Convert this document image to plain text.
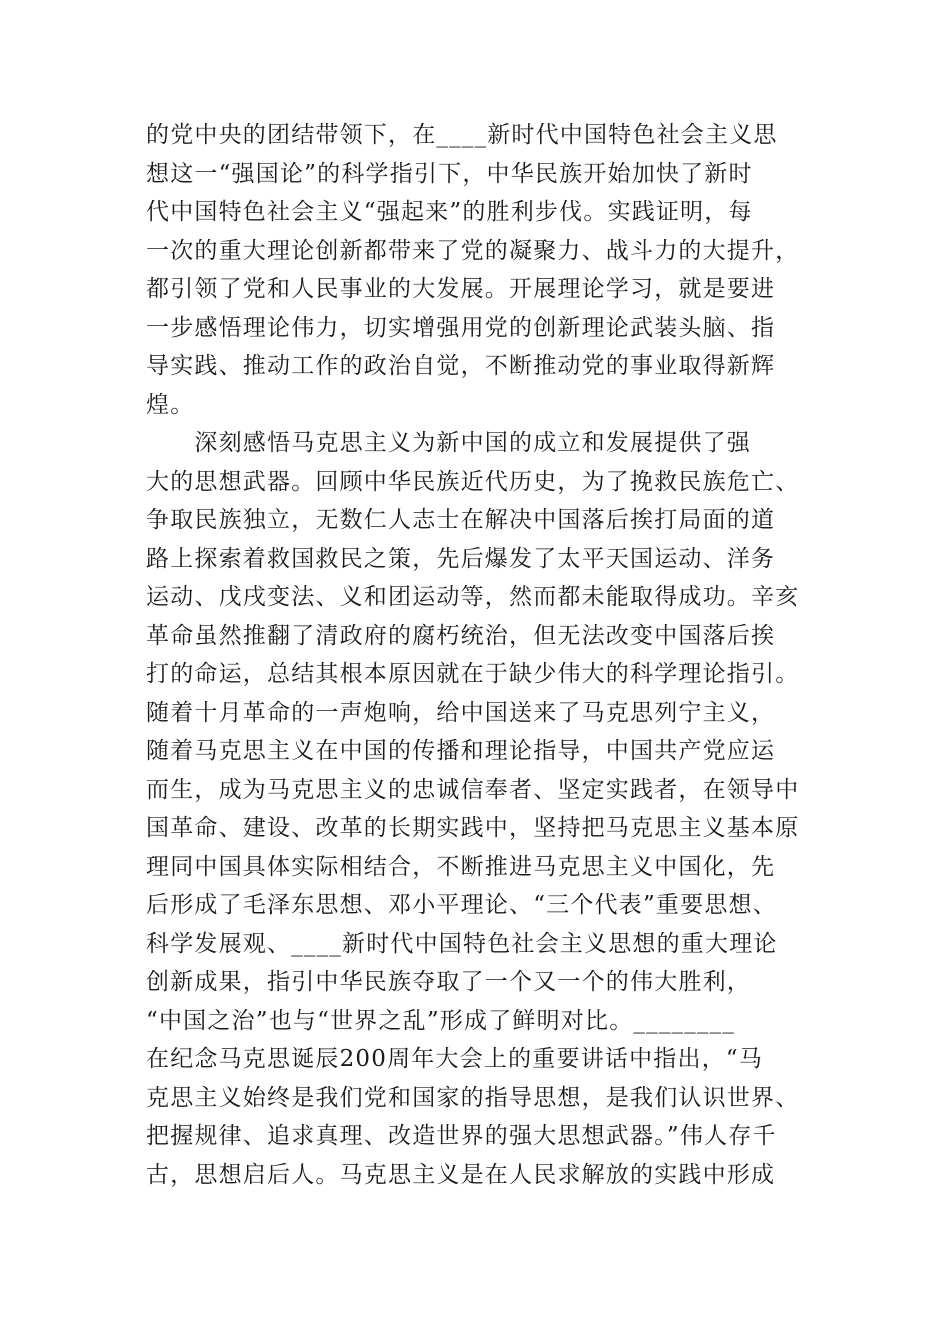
的党中央的团结带领下，在____新时代中国特色社会主义思
想这一“强国论”的科学指引下，中华民族开始加快了新时
代中国特色社会主义“强起来”的胜利步伐。实践证明，每
一次的重大理论创新都带来了党的凝聚力、战斗力的大提升，
都引领了党和人民事业的大发展。开展理论学习，就是要进
一步感悟理论伟力，切实增强用党的创新理论武装头脑、指
导实践、推动工作的政治自觉，不断推动党的事业取得新辉
煌。
　　深刻感悟马克思主义为新中国的成立和发展提供了强
大的思想武器。回顾中华民族近代历史，为了挽救民族危亡、
争取民族独立，无数仁人志士在解决中国落后挨打局面的道
路上探索着救国救民之策，先后爆发了太平天国运动、洋务
运动、戊戌变法、义和团运动等，然而都未能取得成功。辛亥
革命虽然推翻了清政府的腐朽统治，但无法改变中国落后挨
打的命运，总结其根本原因就在于缺少伟大的科学理论指引。
随着十月革命的一声炮响，给中国送来了马克思列宁主义，
随着马克思主义在中国的传播和理论指导，中国共产党应运
而生，成为马克思主义的忠诚信奉者、坚定实践者，在领导中
国革命、建设、改革的长期实践中，坚持把马克思主义基本原
理同中国具体实际相结合，不断推进马克思主义中国化，先
后形成了毛泽东思想、邓小平理论、“三个代表”重要思想、
科学发展观、____新时代中国特色社会主义思想的重大理论
创新成果，指引中华民族夺取了一个又一个的伟大胜利，
“中国之治”也与“世界之乱”形成了鲜明对比。________
在纪念马克思诞辰200周年大会上的重要讲话中指出，“马
克思主义始终是我们党和国家的指导思想，是我们认识世界、
把握规律、追求真理、改造世界的强大思想武器。”伟人存千
古，思想启后人。马克思主义是在人民求解放的实践中形成
